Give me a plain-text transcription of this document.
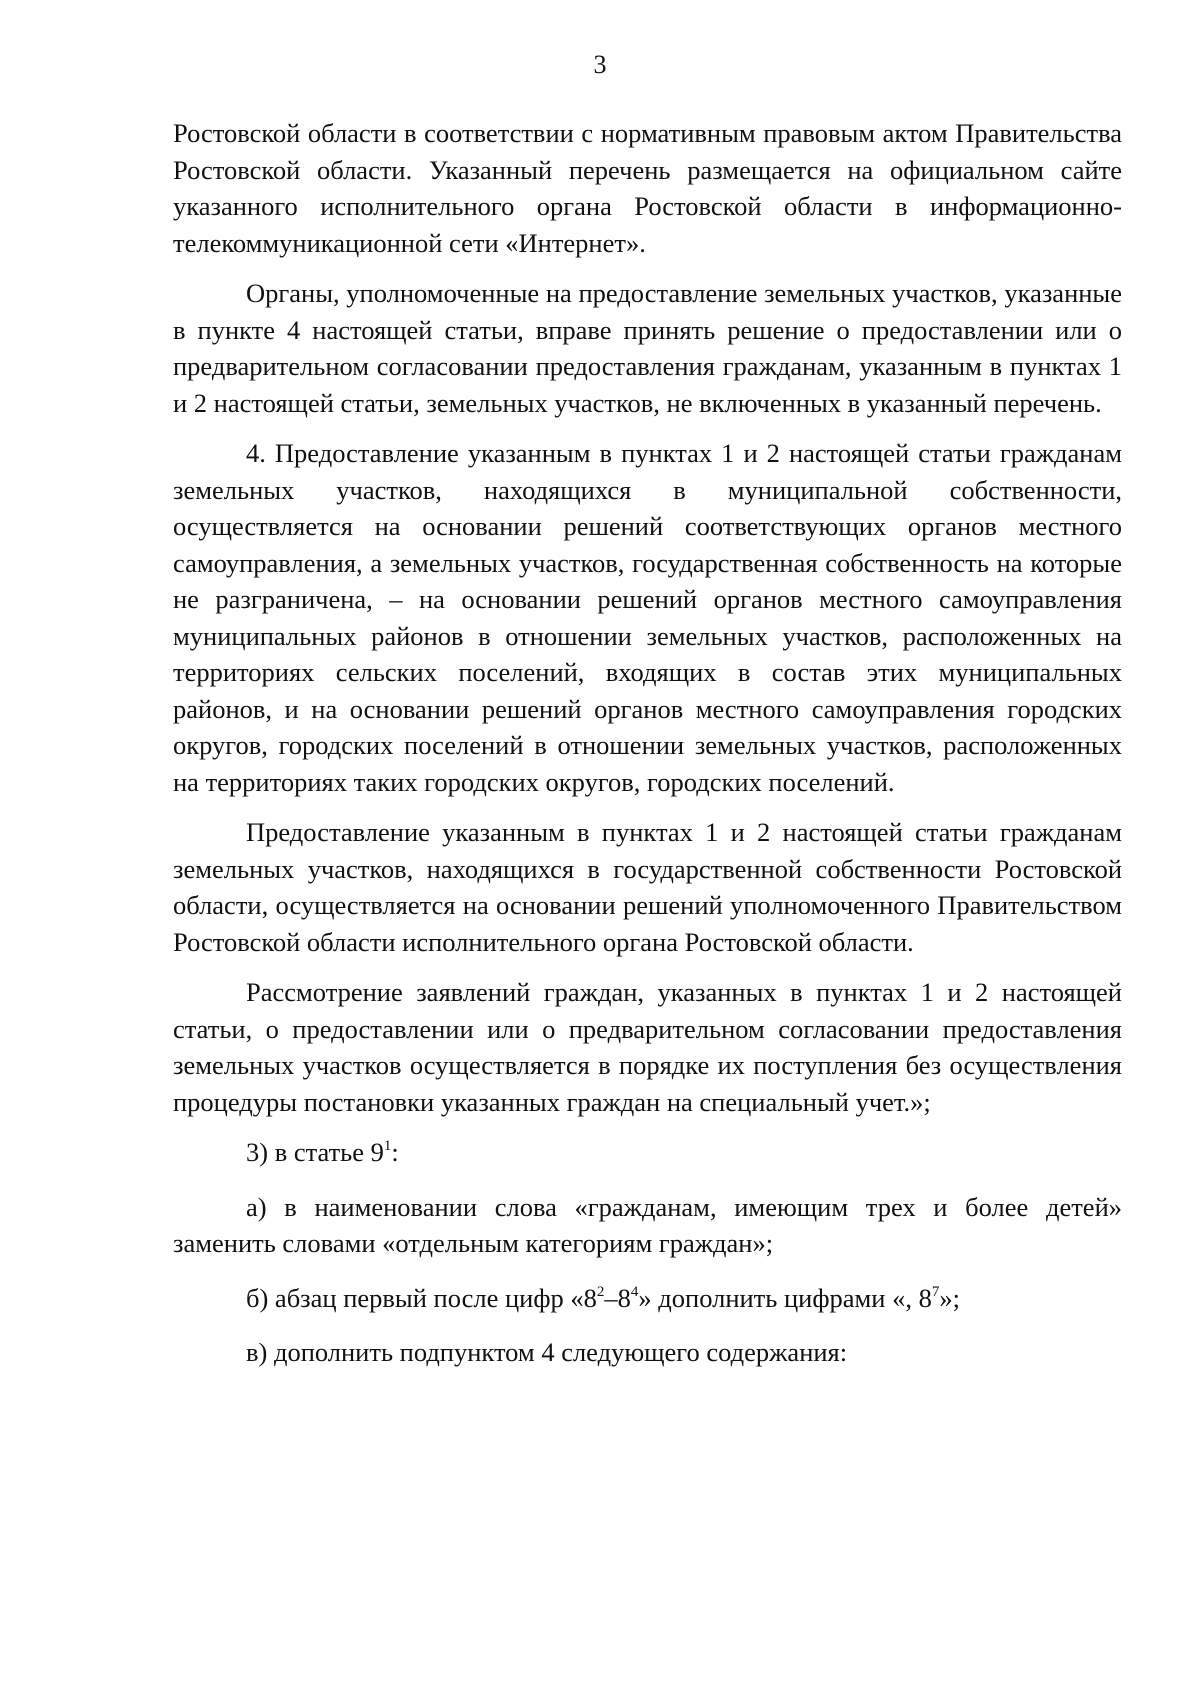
3

Ростовской области в соответствии с нормативным правовым актом Правительства Ростовской области. Указанный перечень размещается на официальном сайте указанного исполнительного органа Ростовской области в информационно-телекоммуникационной сети «Интернет».

Органы, уполномоченные на предоставление земельных участков, указанные в пункте 4 настоящей статьи, вправе принять решение о предоставлении или о предварительном согласовании предоставления гражданам, указанным в пунктах 1 и 2 настоящей статьи, земельных участков, не включенных в указанный перечень.

4. Предоставление указанным в пунктах 1 и 2 настоящей статьи гражданам земельных участков, находящихся в муниципальной собственности, осуществляется на основании решений соответствующих органов местного самоуправления, а земельных участков, государственная собственность на которые не разграничена, – на основании решений органов местного самоуправления муниципальных районов в отношении земельных участков, расположенных на территориях сельских поселений, входящих в состав этих муниципальных районов, и на основании решений органов местного самоуправления городских округов, городских поселений в отношении земельных участков, расположенных на территориях таких городских округов, городских поселений.

Предоставление указанным в пунктах 1 и 2 настоящей статьи гражданам земельных участков, находящихся в государственной собственности Ростовской области, осуществляется на основании решений уполномоченного Правительством Ростовской области исполнительного органа Ростовской области.

Рассмотрение заявлений граждан, указанных в пунктах 1 и 2 настоящей статьи, о предоставлении или о предварительном согласовании предоставления земельных участков осуществляется в порядке их поступления без осуществления процедуры постановки указанных граждан на специальный учет.»;

3) в статье $9^1$:

а) в наименовании слова «гражданам, имеющим трех и более детей» заменить словами «отдельным категориям граждан»;

б) абзац первый после цифр «$8^2-8^4$» дополнить цифрами «, $8^7$»;

в) дополнить подпунктом 4 следующего содержания:
